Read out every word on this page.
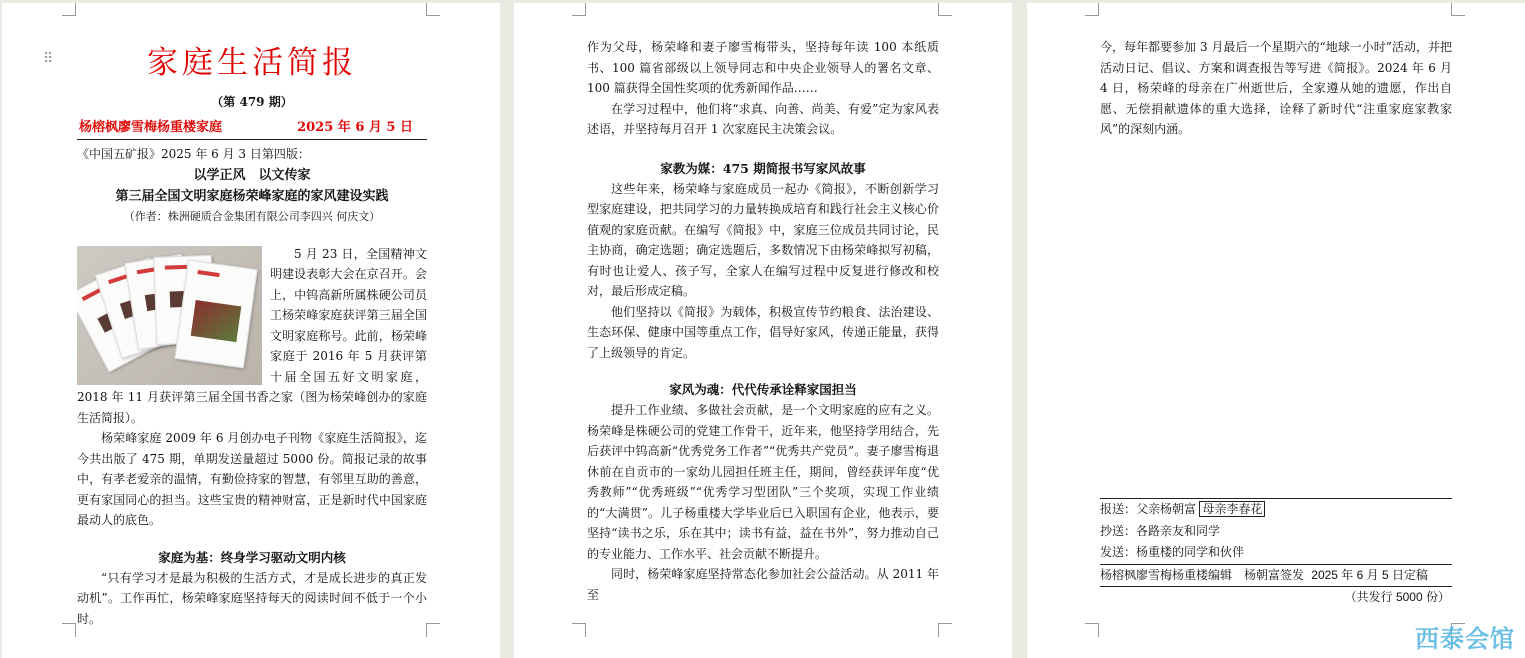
⠿	家庭生活简报
（第 479 期）
杨榕枫廖雪梅杨重楼家庭	2025 年 6 月 5 日
《中国五矿报》2025 年 6 月 3 日第四版：
以学正风　以文传家
第三届全国文明家庭杨荣峰家庭的家风建设实践
（作者：株洲硬质合金集团有限公司李四兴 何庆文）
5 月 23 日，全国精神文明建设表彰大会在京召开。会上，中钨高新所属株硬公司员工杨荣峰家庭获评第三届全国文明家庭称号。此前，杨荣峰家庭于 2016 年 5 月获评第十届全国五好文明家庭，2018 年 11 月获评第三届全国书香之家（图为杨荣峰创办的家庭生活简报）。
杨荣峰家庭 2009 年 6 月创办电子刊物《家庭生活简报》，迄今共出版了 475 期，单期发送量超过 5000 份。简报记录的故事中，有孝老爱亲的温情，有勤俭持家的智慧，有邻里互助的善意，更有家国同心的担当。这些宝贵的精神财富，正是新时代中国家庭最动人的底色。
家庭为基：终身学习驱动文明内核
“只有学习才是最为积极的生活方式，才是成长进步的真正发动机”。工作再忙，杨荣峰家庭坚持每天的阅读时间不低于一个小时。
作为父母，杨荣峰和妻子廖雪梅带头，坚持每年读 100 本纸质书、100 篇省部级以上领导同志和中央企业领导人的署名文章、100 篇获得全国性奖项的优秀新闻作品……
在学习过程中，他们将“求真、向善、尚美、有爱”定为家风表述语，并坚持每月召开 1 次家庭民主决策会议。
家教为媒：475 期简报书写家风故事
这些年来，杨荣峰与家庭成员一起办《简报》，不断创新学习型家庭建设，把共同学习的力量转换成培育和践行社会主义核心价值观的家庭贡献。在编写《简报》中，家庭三位成员共同讨论，民主协商，确定选题；确定选题后，多数情况下由杨荣峰拟写初稿，有时也让爱人、孩子写，全家人在编写过程中反复进行修改和校对，最后形成定稿。
他们坚持以《简报》为载体，积极宣传节约粮食、法治建设、生态环保、健康中国等重点工作，倡导好家风，传递正能量，获得了上级领导的肯定。
家风为魂：代代传承诠释家国担当
提升工作业绩、多做社会贡献，是一个文明家庭的应有之义。杨荣峰是株硬公司的党建工作骨干，近年来，他坚持学用结合，先后获评中钨高新“优秀党务工作者”“优秀共产党员”。妻子廖雪梅退休前在自贡市的一家幼儿园担任班主任，期间，曾经获评年度“优秀教师”“优秀班级”“优秀学习型团队”三个奖项，实现工作业绩的“大满贯”。儿子杨重楼大学毕业后已入职国有企业，他表示，要坚持“读书之乐，乐在其中；读书有益，益在书外”，努力推动自己的专业能力、工作水平、社会贡献不断提升。
同时，杨荣峰家庭坚持常态化参加社会公益活动。从 2011 年至
今，每年都要参加 3 月最后一个星期六的“地球一小时”活动，并把活动日记、倡议、方案和调查报告等写进《简报》。2024 年 6 月 4 日，杨荣峰的母亲在广州逝世后，全家遵从她的遗愿，作出自愿、无偿捐献遗体的重大选择，诠释了新时代“注重家庭家教家风”的深刻内涵。
报送：父亲杨朝富 母亲李春花
抄送：各路亲友和同学
发送：杨重楼的同学和伙伴
杨榕枫廖雪梅杨重楼编辑　杨朝富签发 2025 年 6 月 5 日定稿
（共发行 5000 份）
西泰会馆
